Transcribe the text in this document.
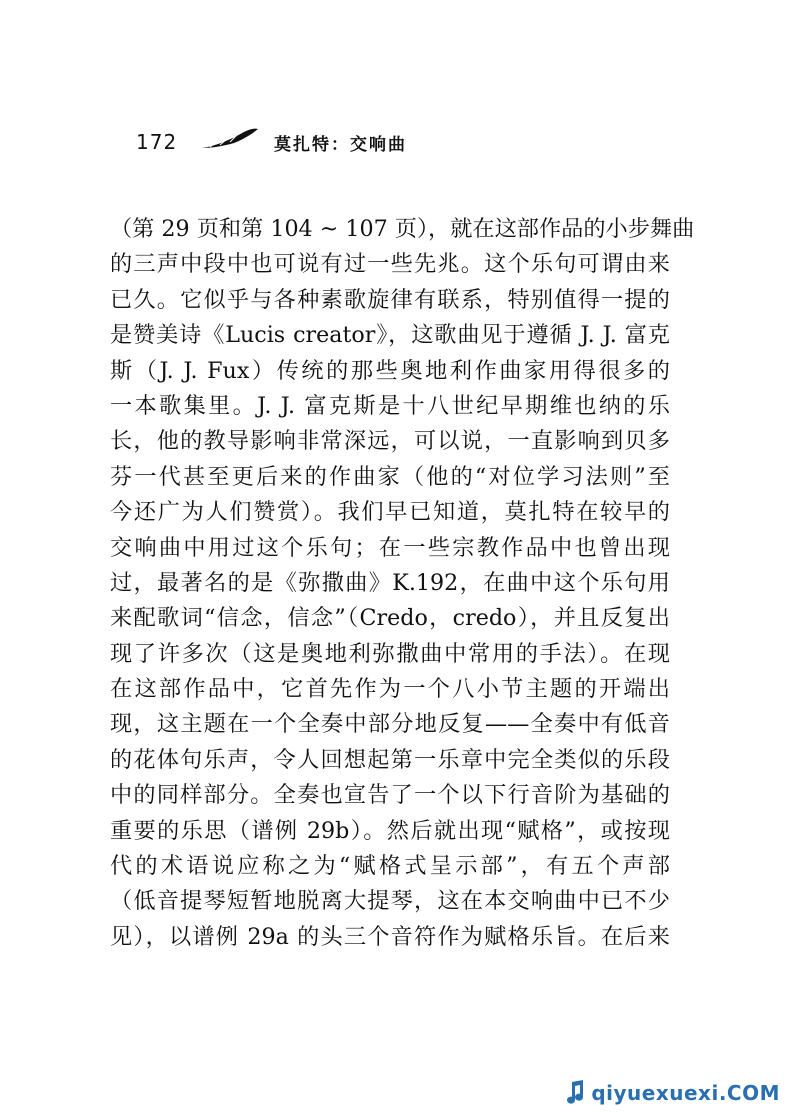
172	莫扎特：交响曲
（第 29 页和第 104 ~ 107 页），就在这部作品的小步舞曲
的三声中段中也可说有过一些先兆。这个乐句可谓由来
已久。它似乎与各种素歌旋律有联系，特别值得一提的
是赞美诗《Lucis creator》，这歌曲见于遵循 J. J. 富克
斯（J. J. Fux）传统的那些奥地利作曲家用得很多的
一本歌集里。J. J. 富克斯是十八世纪早期维也纳的乐
长，他的教导影响非常深远，可以说，一直影响到贝多
芬一代甚至更后来的作曲家（他的“对位学习法则”至
今还广为人们赞赏）。我们早已知道，莫扎特在较早的
交响曲中用过这个乐句；在一些宗教作品中也曾出现
过，最著名的是《弥撒曲》K.192，在曲中这个乐句用
来配歌词“信念，信念”（Credo，credo），并且反复出
现了许多次（这是奥地利弥撒曲中常用的手法）。在现
在这部作品中，它首先作为一个八小节主题的开端出
现，这主题在一个全奏中部分地反复——全奏中有低音
的花体句乐声，令人回想起第一乐章中完全类似的乐段
中的同样部分。全奏也宣告了一个以下行音阶为基础的
重要的乐思（谱例 29b）。然后就出现“赋格”，或按现
代的术语说应称之为“赋格式呈示部”，有五个声部
（低音提琴短暂地脱离大提琴，这在本交响曲中已不少
见），以谱例 29a 的头三个音符作为赋格乐旨。在后来
qiyuexuexi.COM
